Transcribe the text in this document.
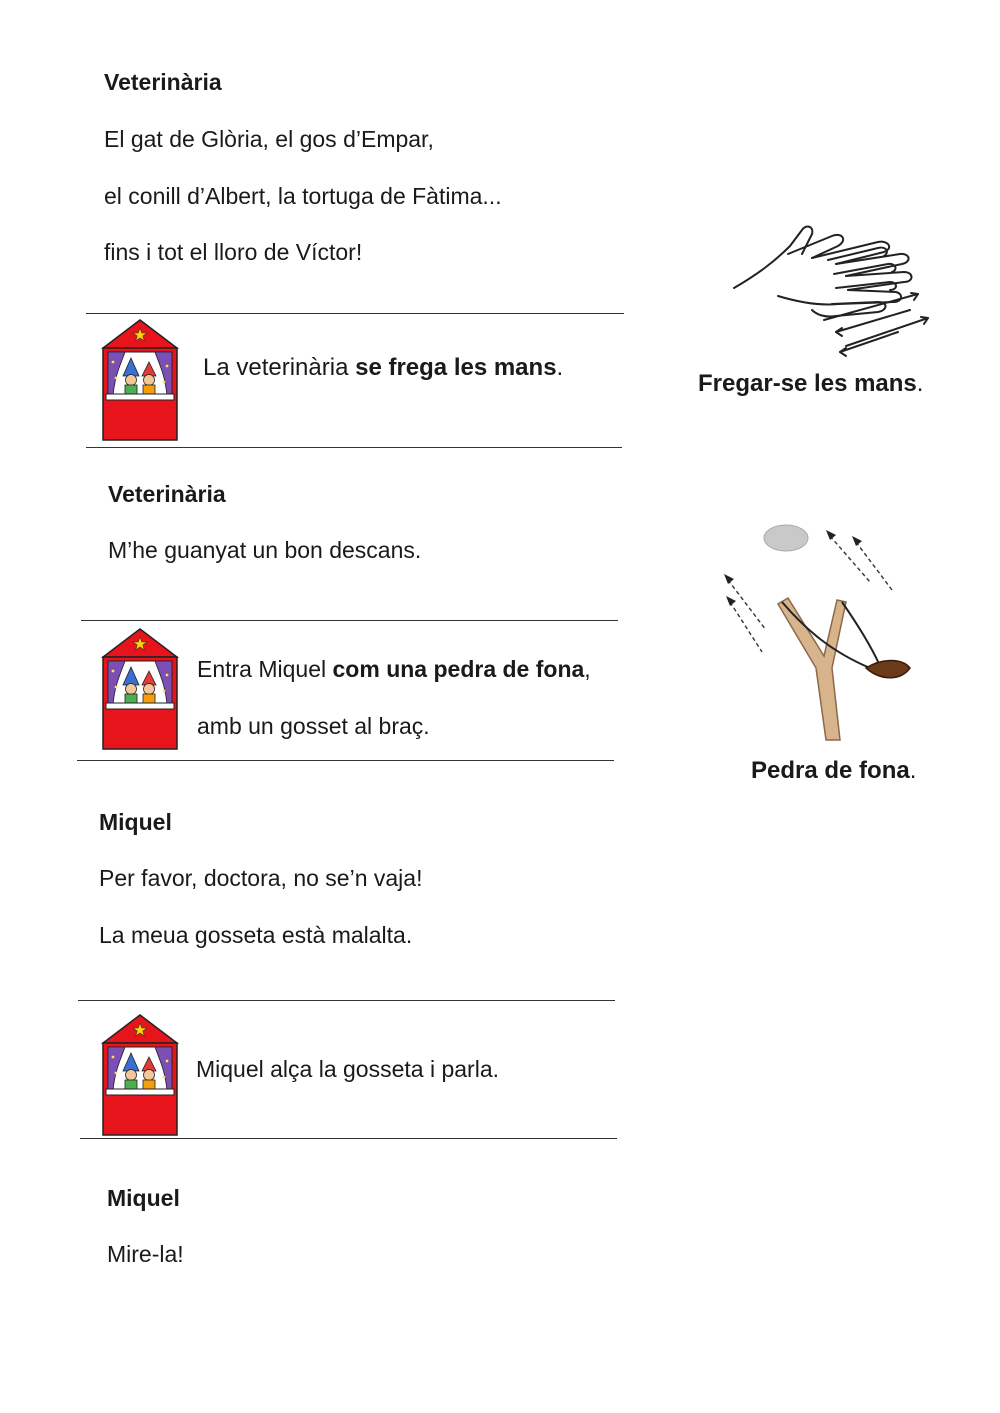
Veterinària
El gat de Glòria, el gos d’Empar,
el conill d’Albert, la tortuga de Fàtima...
fins i tot el lloro de Víctor!
La veterinària se frega les mans.
Veterinària
M’he guanyat un bon descans.
Entra Miquel com una pedra de fona,
amb un gosset al braç.
Miquel
Per favor, doctora, no se’n vaja!
La meua gosseta està malalta.
Miquel alça la gosseta i parla.
Miquel
Mire-la!
Fregar-se les mans.
Pedra de fona.
